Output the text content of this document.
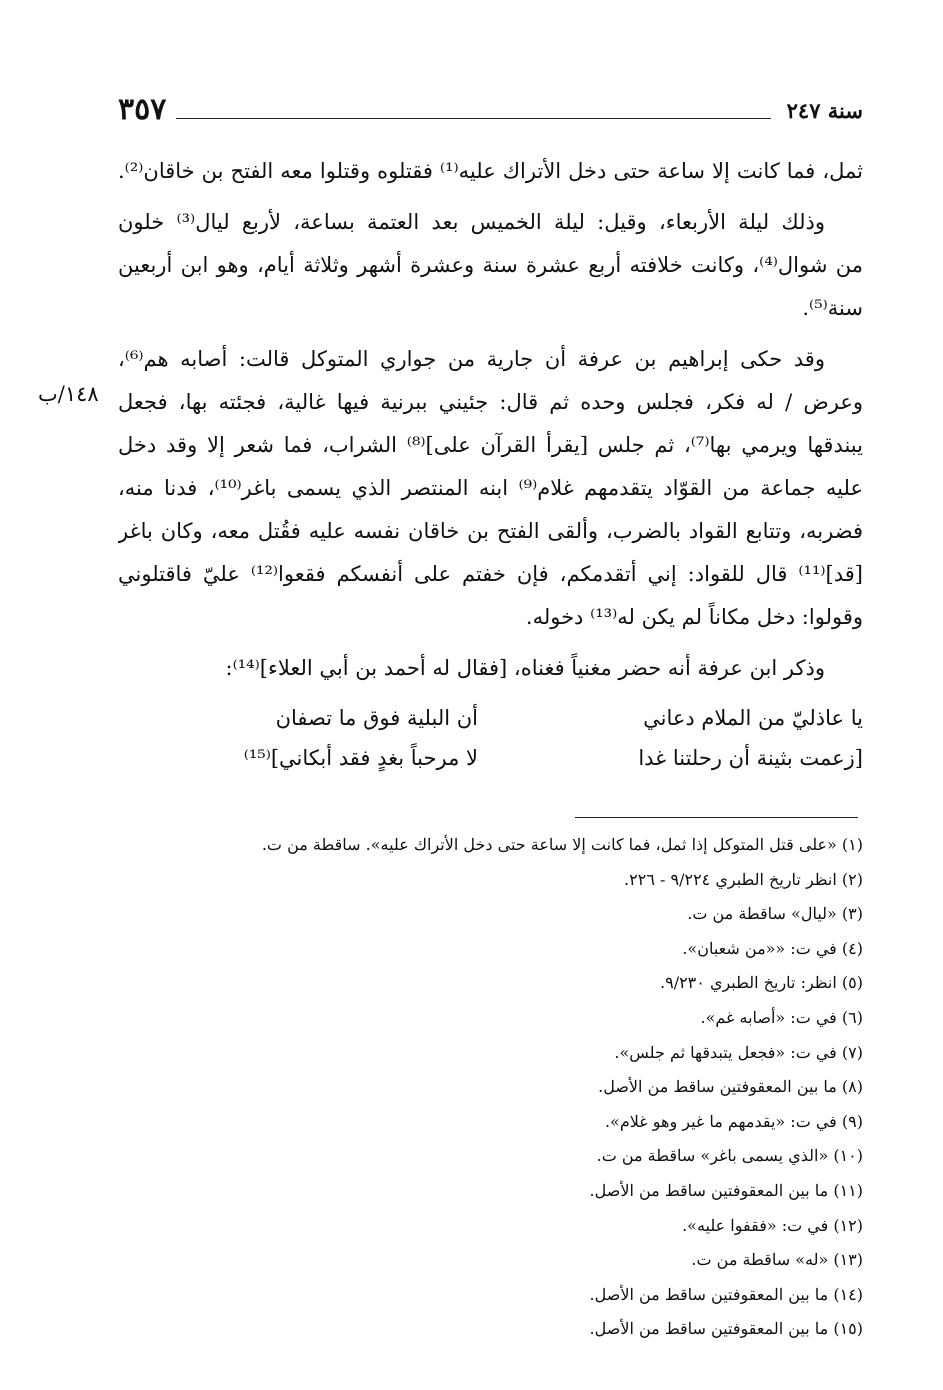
٣٥٧	سنة ٢٤٧
١٤٨/ب
ثمل، فما كانت إلا ساعة حتى دخل الأتراك عليه⁽¹⁾ فقتلوه وقتلوا معه الفتح بن خاقان⁽²⁾.
وذلك ليلة الأربعاء، وقيل: ليلة الخميس بعد العتمة بساعة، لأربع ليال⁽³⁾ خلون
من شوال⁽⁴⁾، وكانت خلافته أربع عشرة سنة وعشرة أشهر وثلاثة أيام، وهو ابن أربعين
سنة⁽⁵⁾.
وقد حكى إبراهيم بن عرفة أن جارية من جواري المتوكل قالت: أصابه هم⁽⁶⁾،
وعرض / له فكر، فجلس وحده ثم قال: جئيني ببرنية فيها غالية، فجئته بها، فجعل
يبندقها ويرمي بها⁽⁷⁾، ثم جلس [يقرأ القرآن على]⁽⁸⁾ الشراب، فما شعر إلا وقد دخل
عليه جماعة من القوّاد يتقدمهم غلام⁽⁹⁾ ابنه المنتصر الذي يسمى باغر⁽¹⁰⁾، فدنا منه،
فضربه، وتتابع القواد بالضرب، وألقى الفتح بن خاقان نفسه عليه فقُتل معه، وكان باغر
[قد]⁽¹¹⁾ قال للقواد: إني أتقدمكم، فإن خفتم على أنفسكم فقعوا⁽¹²⁾ عليّ فاقتلوني
وقولوا: دخل مكاناً لم يكن له⁽¹³⁾ دخوله.
وذكر ابن عرفة أنه حضر مغنياً فغناه، [فقال له أحمد بن أبي العلاء]⁽¹⁴⁾:
يا عاذليّ من الملام دعاني
أن البلية فوق ما تصفان
[زعمت بثينة أن رحلتنا غدا
لا مرحباً بغدٍ فقد أبكاني]⁽¹⁵⁾
(١) «على قتل المتوكل إذا ثمل، فما كانت إلا ساعة حتى دخل الأتراك عليه». ساقطة من ت.
(٢) انظر تاريخ الطبري ٩/٢٢٤ - ٢٢٦.
(٣) «ليال» ساقطة من ت.
(٤) في ت: ««من شعبان».
(٥) انظر: تاريخ الطبري ٩/٢٣٠.
(٦) في ت: «أصابه غم».
(٧) في ت: «فجعل يتبدقها ثم جلس».
(٨) ما بين المعقوفتين ساقط من الأصل.
(٩) في ت: «يقدمهم ما غير وهو غلام».
(١٠) «الذي يسمى باغر» ساقطة من ت.
(١١) ما بين المعقوفتين ساقط من الأصل.
(١٢) في ت: «فقفوا عليه».
(١٣) «له» ساقطة من ت.
(١٤) ما بين المعقوفتين ساقط من الأصل.
(١٥) ما بين المعقوفتين ساقط من الأصل.
